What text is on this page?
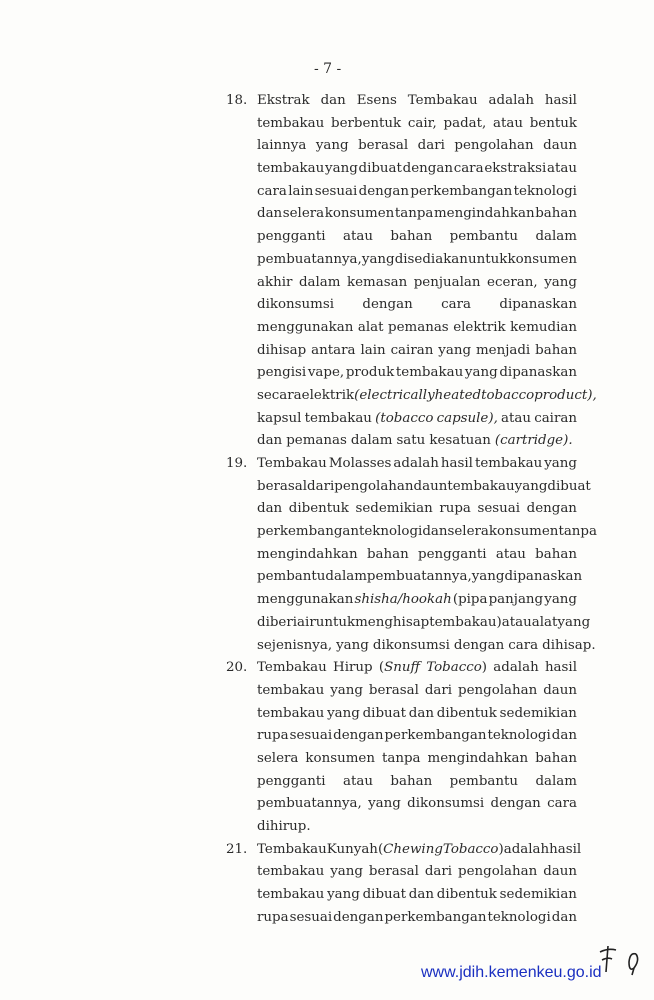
- 7 -
18. Ekstrak dan Esens Tembakau adalah hasil
tembakau berbentuk cair, padat, atau bentuk
lainnya yang berasal dari pengolahan daun
tembakau yang dibuat dengan cara ekstraksi atau
cara lain sesuai dengan perkembangan teknologi
dan selera konsumen tanpa mengindahkan bahan
pengganti atau bahan pembantu dalam
pembuatannya, yang disediakan untuk konsumen
akhir dalam kemasan penjualan eceran, yang
dikonsumsi dengan cara dipanaskan
menggunakan alat pemanas elektrik kemudian
dihisap antara lain cairan yang menjadi bahan
pengisi vape, produk tembakau yang dipanaskan
secara elektrik (electrically heated tobacco product),
kapsul tembakau (tobacco capsule), atau cairan
dan pemanas dalam satu kesatuan (cartridge).
19. Tembakau Molasses adalah hasil tembakau yang
berasal dari pengolahan daun tembakau yang dibuat
dan dibentuk sedemikian rupa sesuai dengan
perkembangan teknologi dan selera konsumen tanpa
mengindahkan bahan pengganti atau bahan
pembantu dalam pembuatannya, yang dipanaskan
menggunakan shisha/hookah (pipa panjang yang
diberi air untuk menghisap tembakau) atau alat yang
sejenisnya, yang dikonsumsi dengan cara dihisap.
20. Tembakau Hirup (Snuff Tobacco) adalah hasil
tembakau yang berasal dari pengolahan daun
tembakau yang dibuat dan dibentuk sedemikian
rupa sesuai dengan perkembangan teknologi dan
selera konsumen tanpa mengindahkan bahan
pengganti atau bahan pembantu dalam
pembuatannya, yang dikonsumsi dengan cara
dihirup.
21. Tembakau Kunyah (Chewing Tobacco) adalah hasil
tembakau yang berasal dari pengolahan daun
tembakau yang dibuat dan dibentuk sedemikian
rupa sesuai dengan perkembangan teknologi dan
www.jdih.kemenkeu.go.id
